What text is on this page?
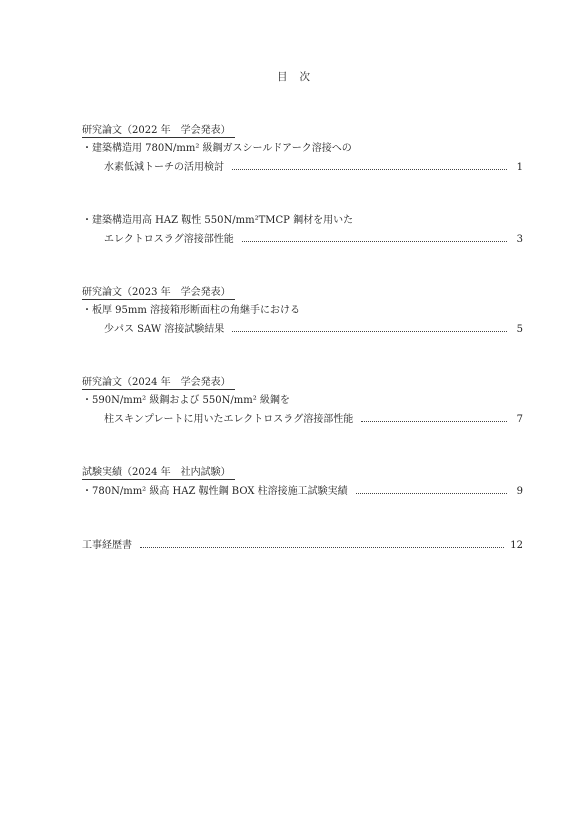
目 次
研究論文（2022 年　学会発表）
・建築構造用 780N/mm² 級鋼ガスシールドアーク溶接への
水素低減トーチの活用検討	1
・建築構造用高 HAZ 靱性 550N/mm²TMCP 鋼材を用いた
エレクトロスラグ溶接部性能	3
研究論文（2023 年　学会発表）
・板厚 95mm 溶接箱形断面柱の角継手における
少パス SAW 溶接試験結果	5
研究論文（2024 年　学会発表）
・590N/mm² 級鋼および 550N/mm² 級鋼を
柱スキンプレートに用いたエレクトロスラグ溶接部性能	7
試験実績（2024 年　社内試験）
・780N/mm² 級高 HAZ 靱性鋼 BOX 柱溶接施工試験実績	9
工事経歴書	12
